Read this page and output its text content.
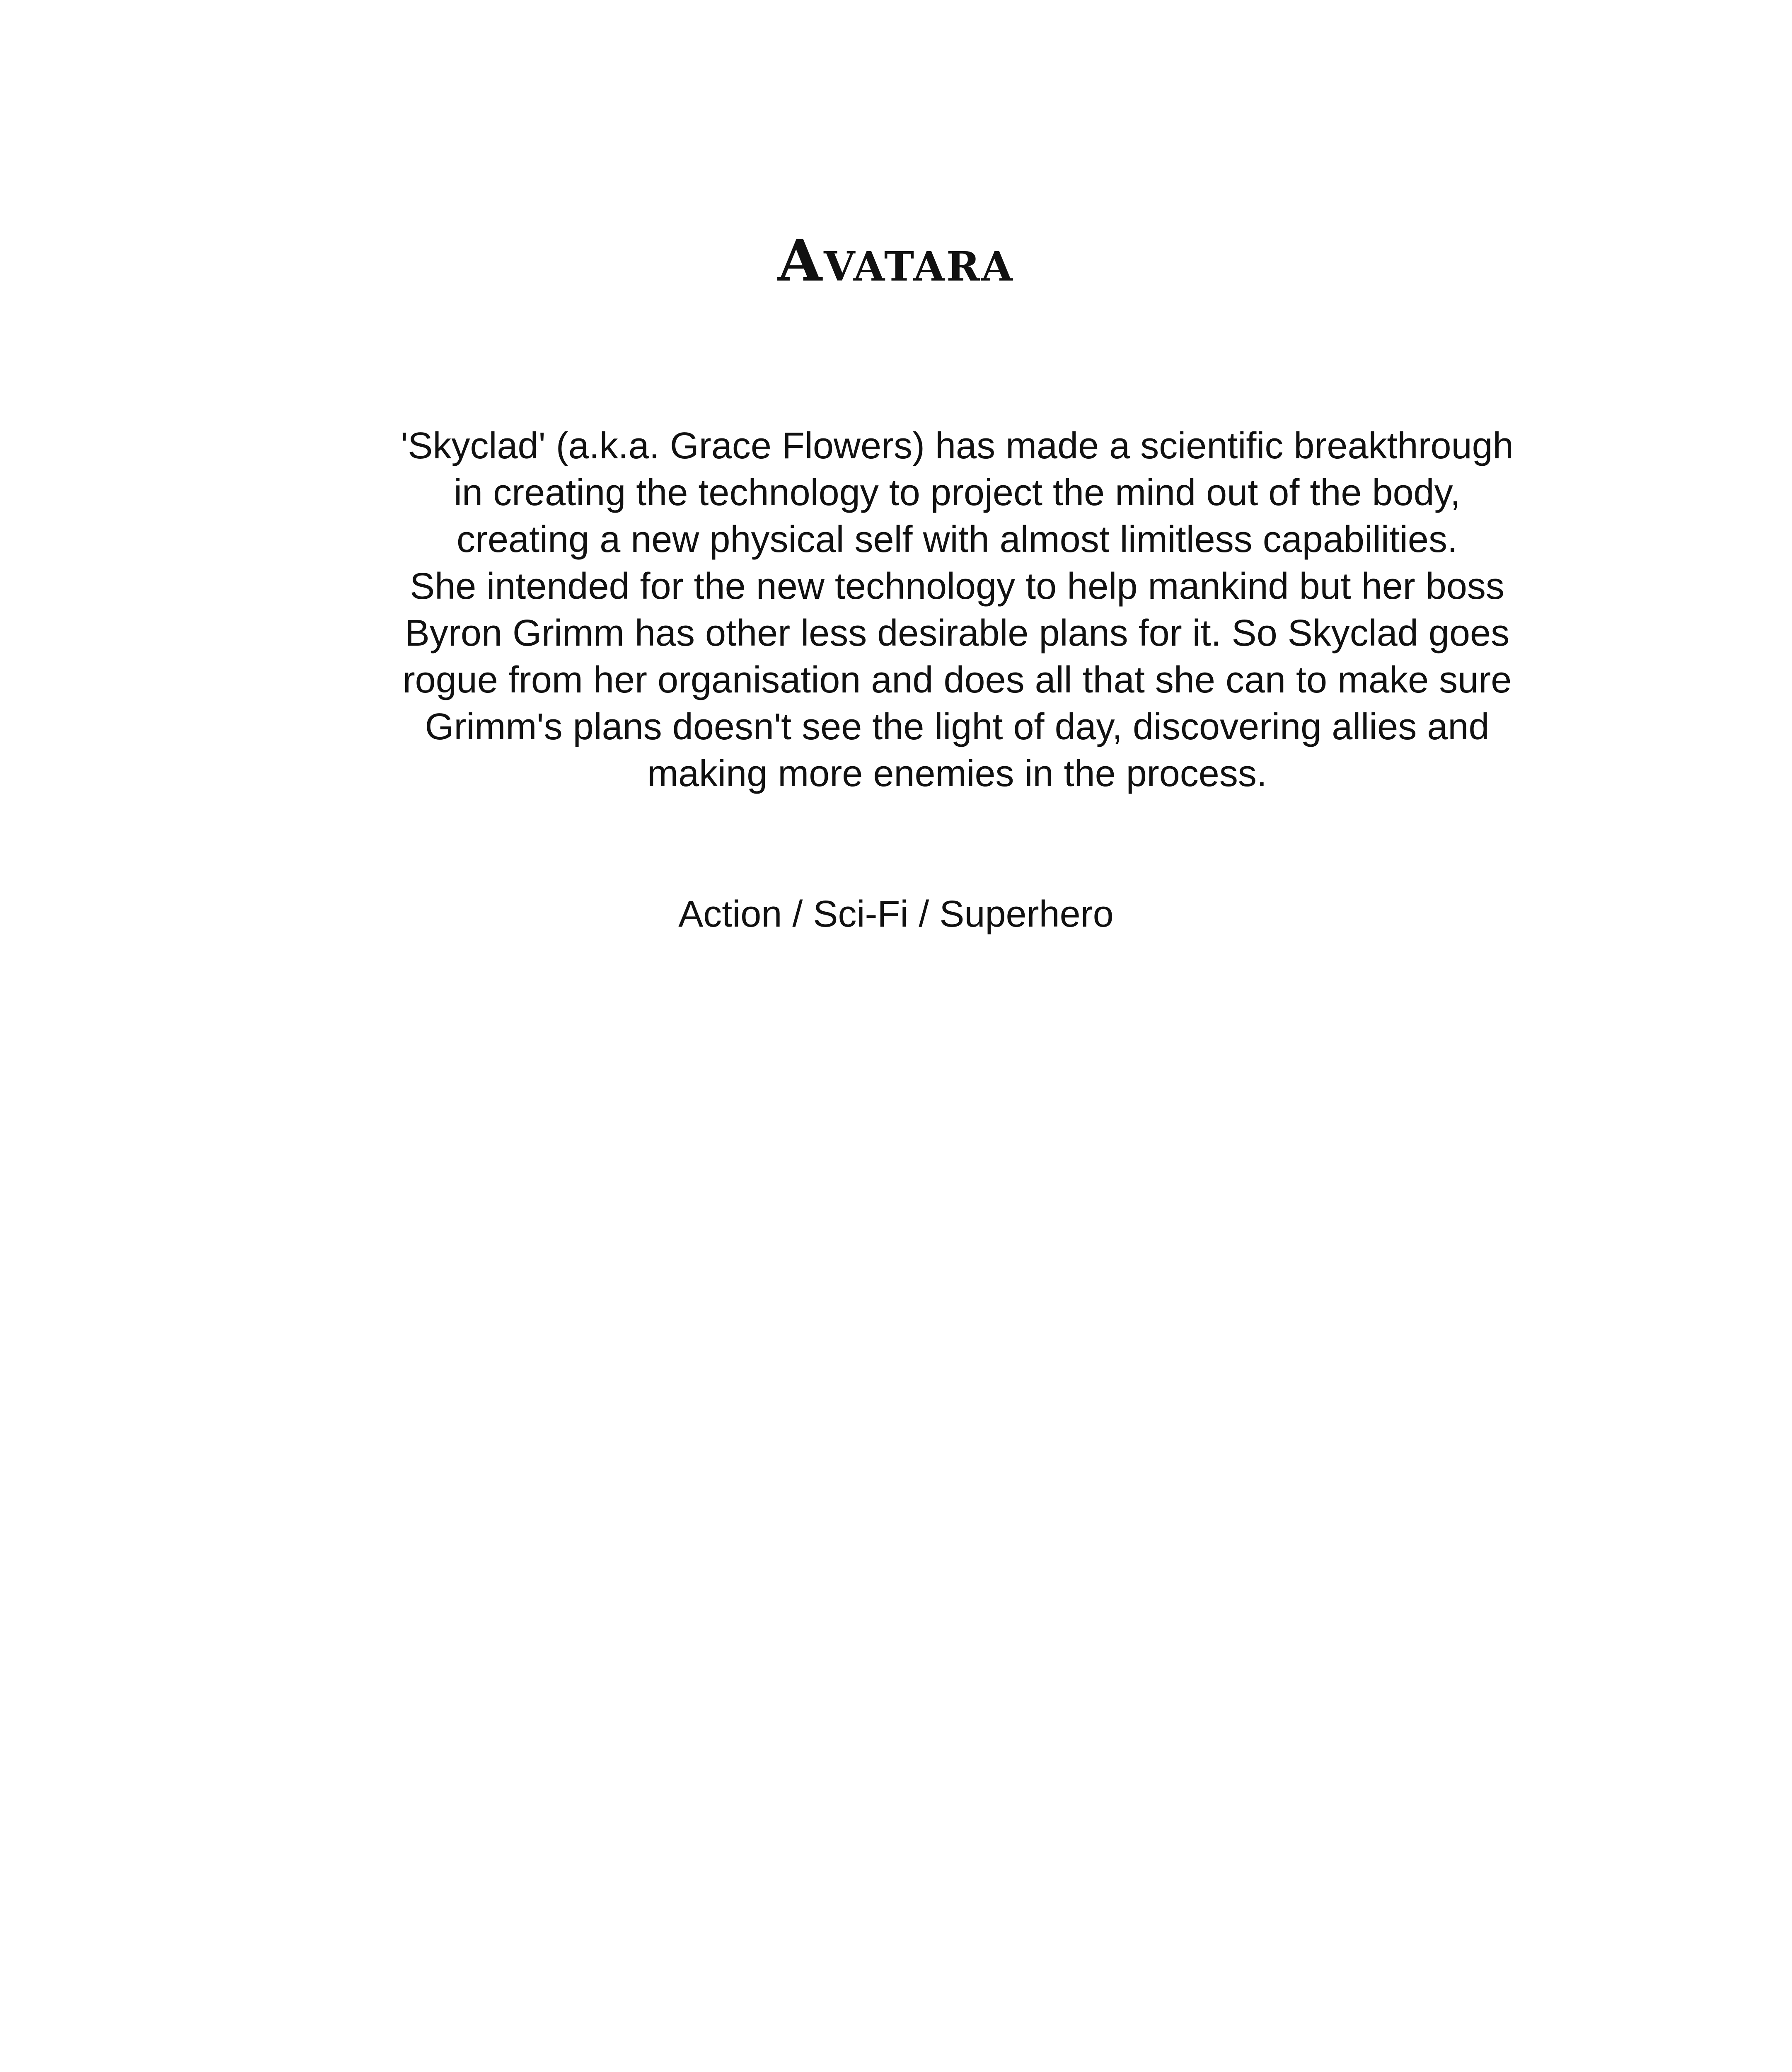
Avatara
'Skyclad' (a.k.a. Grace Flowers) has made a scientific breakthrough
in creating the technology to project the mind out of the body,
creating a new physical self with almost limitless capabilities.
She intended for the new technology to help mankind but her boss
Byron Grimm has other less desirable plans for it. So Skyclad goes
rogue from her organisation and does all that she can to make sure
Grimm's plans doesn't see the light of day, discovering allies and
making more enemies in the process.
Action / Sci-Fi / Superhero
